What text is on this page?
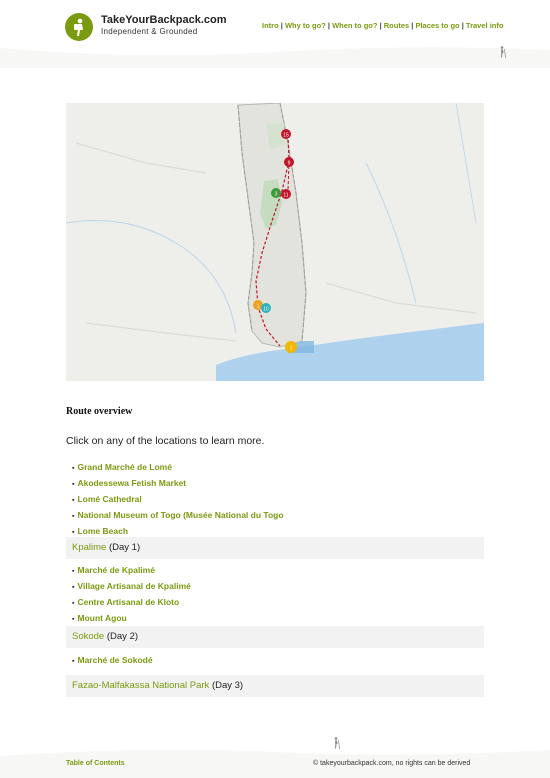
TakeYourBackpack.com
Independent & Grounded
Intro | Why to go? | When to go? | Routes | Places to go | Travel info
15
9
3 11
1 10
1
Route overview
Click on any of the locations to learn more.
▪ Grand Marché de Lomé
▪ Akodessewa Fetish Market
▪ Lomé Cathedral
▪ National Museum of Togo (Musée National du Togo
▪ Lome Beach
Kpalime (Day 1)
▪ Marché de Kpalimé
▪ Village Artisanal de Kpalimé
▪ Centre Artisanal de Kloto
▪ Mount Agou
Sokode (Day 2)
▪ Marché de Sokodé
Fazao-Malfakassa National Park (Day 3)
Table of Contents	© takeyourbackpack.com, no rights can be derived
